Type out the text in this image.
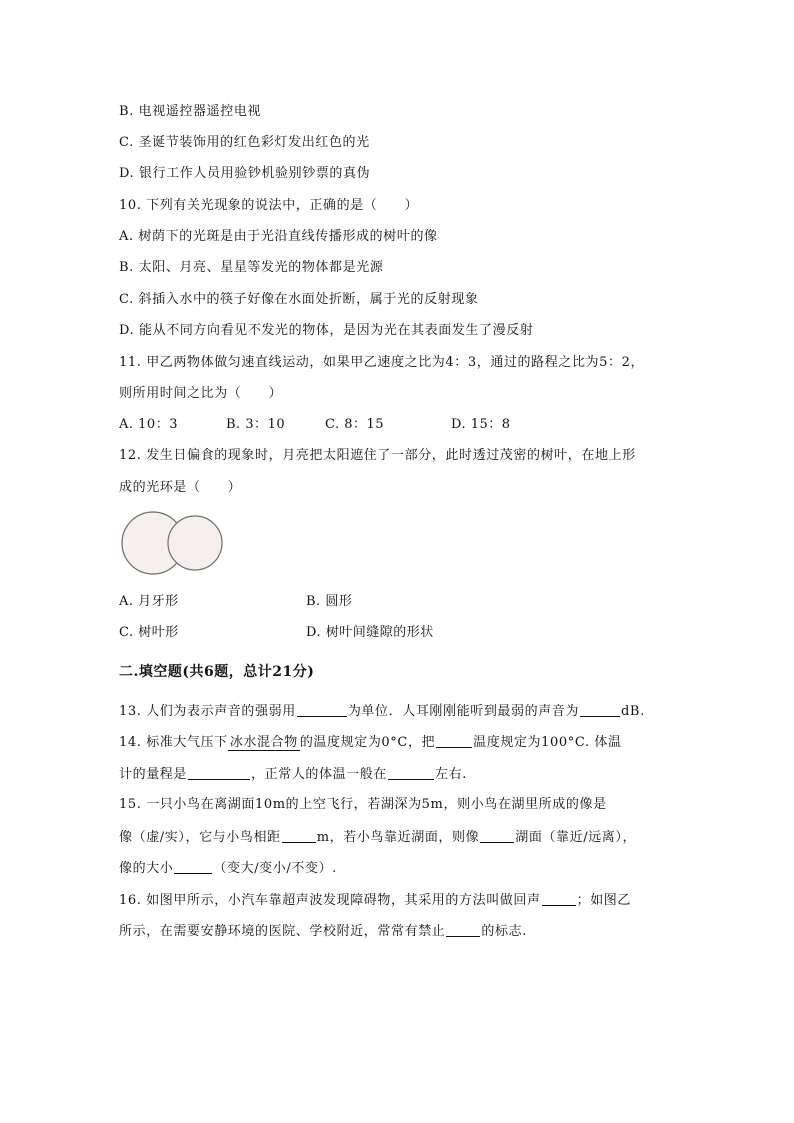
B. 电视遥控器遥控电视
C. 圣诞节装饰用的红色彩灯发出红色的光
D. 银行工作人员用验钞机验别钞票的真伪
10. 下列有关光现象的说法中，正确的是（　　）
A. 树荫下的光斑是由于光沿直线传播形成的树叶的像
B. 太阳、月亮、星星等发光的物体都是光源
C. 斜插入水中的筷子好像在水面处折断，属于光的反射现象
D. 能从不同方向看见不发光的物体，是因为光在其表面发生了漫反射
11. 甲乙两物体做匀速直线运动，如果甲乙速度之比为4：3，通过的路程之比为5：2，
则所用时间之比为（　　）
A. 10：3	B. 3：10	C. 8：15	D. 15：8
12. 发生日偏食的现象时，月亮把太阳遮住了一部分，此时透过茂密的树叶，在地上形
成的光环是（　　）
A. 月牙形	B. 圆形
C. 树叶形	D. 树叶间缝隙的形状
二.填空题(共6题，总计21分)
13. 人们为表示声音的强弱用	为单位．人耳刚刚能听到最弱的声音为	dB.
14. 标准大气压下 冰水混合物 的温度规定为0°C，把	温度规定为100°C. 体温
计的量程是	，正常人的体温一般在	左右.
15. 一只小鸟在离湖面10m的上空飞行，若湖深为5m，则小鸟在湖里所成的像是
像（虚/实），它与小鸟相距	m，若小鸟靠近湖面，则像	湖面（靠近/远离），
像的大小	（变大/变小/不变）.
16. 如图甲所示，小汽车靠超声波发现障碍物，其采用的方法叫做回声	；如图乙
所示，在需要安静环境的医院、学校附近，常常有禁止	的标志.
